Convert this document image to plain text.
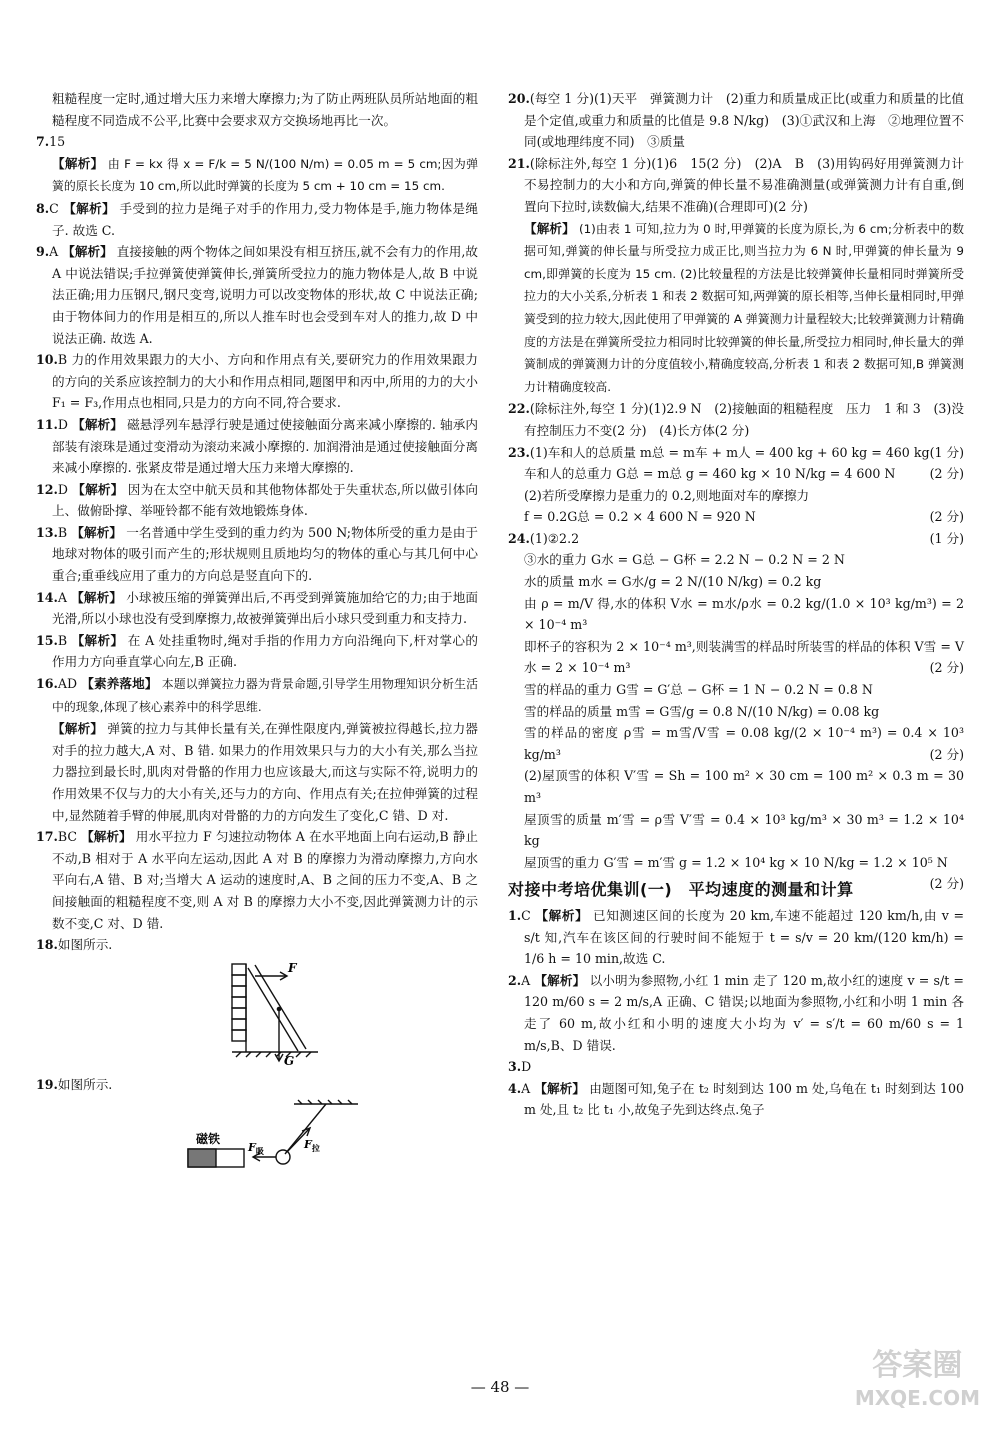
粗糙程度一定时,通过增大压力来增大摩擦力;为了防止两班队员所站地面的粗糙程度不同造成不公平,比赛中会要求双方交换场地再比一次。

7.15

【解析】 由 F = kx 得 x = F/k = 5 N/(100 N/m) = 0.05 m = 5 cm;因为弹簧的原长长度为 10 cm,所以此时弹簧的长度为 5 cm + 10 cm = 15 cm.

8.C 【解析】 手受到的拉力是绳子对手的作用力,受力物体是手,施力物体是绳子. 故选 C.

9.A 【解析】 直接接触的两个物体之间如果没有相互挤压,就不会有力的作用,故 A 中说法错误;手拉弹簧使弹簧伸长,弹簧所受拉力的施力物体是人,故 B 中说法正确;用力压钢尺,钢尺变弯,说明力可以改变物体的形状,故 C 中说法正确;由于物体间力的作用是相互的,所以人推车时也会受到车对人的推力,故 D 中说法正确. 故选 A.

10.B 力的作用效果跟力的大小、方向和作用点有关,要研究力的作用效果跟力的方向的关系应该控制力的大小和作用点相同,题图甲和丙中,所用的力的大小 F₁ = F₃,作用点也相同,只是力的方向不同,符合要求.

11.D 【解析】 磁悬浮列车悬浮行驶是通过使接触面分离来减小摩擦的. 轴承内部装有滚珠是通过变滑动为滚动来减小摩擦的. 加润滑油是通过使接触面分离来减小摩擦的. 张紧皮带是通过增大压力来增大摩擦的.

12.D 【解析】 因为在太空中航天员和其他物体都处于失重状态,所以做引体向上、做俯卧撑、举哑铃都不能有效地锻炼身体.

13.B 【解析】 一名普通中学生受到的重力约为 500 N;物体所受的重力是由于地球对物体的吸引而产生的;形状规则且质地均匀的物体的重心与其几何中心重合;重垂线应用了重力的方向总是竖直向下的.

14.A 【解析】 小球被压缩的弹簧弹出后,不再受到弹簧施加给它的力;由于地面光滑,所以小球也没有受到摩擦力,故被弹簧弹出后小球只受到重力和支持力.

15.B 【解析】 在 A 处挂重物时,绳对手指的作用力方向沿绳向下,杆对掌心的作用力方向垂直掌心向左,B 正确.

16.AD 【素养落地】 本题以弹簧拉力器为背景命题,引导学生用物理知识分析生活中的现象,体现了核心素养中的科学思维.

【解析】 弹簧的拉力与其伸长量有关,在弹性限度内,弹簧被拉得越长,拉力器对手的拉力越大,A 对、B 错. 如果力的作用效果只与力的大小有关,那么当拉力器拉到最长时,肌肉对骨骼的作用力也应该最大,而这与实际不符,说明力的作用效果不仅与力的大小有关,还与力的方向、作用点有关;在拉伸弹簧的过程中,显然随着手臂的伸展,肌肉对骨骼的力的方向发生了变化,C 错、D 对.

17.BC 【解析】 用水平拉力 F 匀速拉动物体 A 在水平地面上向右运动,B 静止不动,B 相对于 A 水平向左运动,因此 A 对 B 的摩擦力为滑动摩擦力,方向水平向右,A 错、B 对;当增大 A 运动的速度时,A、B 之间的压力不变,A、B 之间接触面的粗糙程度不变,则 A 对 B 的摩擦力大小不变,因此弹簧测力计的示数不变,C 对、D 错.

18.如图所示.

F
G

19.如图所示.

磁铁
$F_吸$	$F_拉$

20.(每空 1 分)(1)天平　弹簧测力计　(2)重力和质量成正比(或重力和质量的比值是个定值,或重力和质量的比值是 9.8 N/kg)　(3)①武汉和上海　②地理位置不同(或地理纬度不同)　③质量

21.(除标注外,每空 1 分)(1)6　15(2 分)　(2)A　B　(3)用钩码好用弹簧测力计不易控制力的大小和方向,弹簧的伸长量不易准确测量(或弹簧测力计有自重,倒置向下拉时,读数偏大,结果不准确)(合理即可)(2 分)

【解析】 (1)由表 1 可知,拉力为 0 时,甲弹簧的长度为原长,为 6 cm;分析表中的数据可知,弹簧的伸长量与所受拉力成正比,则当拉力为 6 N 时,甲弹簧的伸长量为 9 cm,即弹簧的长度为 15 cm. (2)比较量程的方法是比较弹簧伸长量相同时弹簧所受拉力的大小关系,分析表 1 和表 2 数据可知,两弹簧的原长相等,当伸长量相同时,甲弹簧受到的拉力较大,因此使用了甲弹簧的 A 弹簧测力计量程较大;比较弹簧测力计精确度的方法是在弹簧所受拉力相同时比较弹簧的伸长量,所受拉力相同时,伸长量大的弹簧制成的弹簧测力计的分度值较小,精确度较高,分析表 1 和表 2 数据可知,B 弹簧测力计精确度较高.

22.(除标注外,每空 1 分)(1)2.9 N　(2)接触面的粗糙程度　压力　1 和 3　(3)没有控制压力不变(2 分)　(4)长方体(2 分)

23.(1)车和人的总质量 m总 = m车 + m人 = 400 kg + 60 kg = 460 kg (1 分)

车和人的总重力 G总 = m总 g = 460 kg × 10 N/kg = 4 600 N	(2 分)

(2)若所受摩擦力是重力的 0.2,则地面对车的摩擦力

f = 0.2G总 = 0.2 × 4 600 N = 920 N	(2 分)

24.(1)②2.2	(1 分)

③水的重力 G水 = G总 − G杯 = 2.2 N − 0.2 N = 2 N

水的质量 m水 = G水/g = 2 N/(10 N/kg) = 0.2 kg

由 ρ = m/V 得,水的体积 V水 = m水/ρ水 = 0.2 kg/(1.0 × 10³ kg/m³) = 2 × 10⁻⁴ m³

即杯子的容积为 2 × 10⁻⁴ m³,则装满雪的样品时所装雪的样品的体积 V雪 = V水 = 2 × 10⁻⁴ m³	(2 分)

雪的样品的重力 G雪 = G′总 − G杯 = 1 N − 0.2 N = 0.8 N

雪的样品的质量 m雪 = G雪/g = 0.8 N/(10 N/kg) = 0.08 kg

雪的样品的密度 ρ雪 = m雪/V雪 = 0.08 kg/(2 × 10⁻⁴ m³) = 0.4 × 10³ kg/m³	(2 分)

(2)屋顶雪的体积 V′雪 = Sh = 100 m² × 30 cm = 100 m² × 0.3 m = 30 m³

屋顶雪的质量 m′雪 = ρ雪 V′雪 = 0.4 × 10³ kg/m³ × 30 m³ = 1.2 × 10⁴ kg

屋顶雪的重力 G′雪 = m′雪 g = 1.2 × 10⁴ kg × 10 N/kg = 1.2 × 10⁵ N
(2 分)

对接中考培优集训(一)　平均速度的测量和计算

1.C 【解析】 已知测速区间的长度为 20 km,车速不能超过 120 km/h,由 v = s/t 知,汽车在该区间的行驶时间不能短于 t = s/v = 20 km/(120 km/h) = 1/6 h = 10 min,故选 C.

2.A 【解析】 以小明为参照物,小红 1 min 走了 120 m,故小红的速度 v = s/t = 120 m/60 s = 2 m/s,A 正确、C 错误;以地面为参照物,小红和小明 1 min 各走了 60 m,故小红和小明的速度大小均为 v′ = s′/t = 60 m/60 s = 1 m/s,B、D 错误.

3.D

4.A 【解析】 由题图可知,兔子在 t₂ 时刻到达 100 m 处,乌龟在 t₁ 时刻到达 100 m 处,且 t₂ 比 t₁ 小,故兔子先到达终点.兔子

— 48 —
答案圈
MXQE.COM
